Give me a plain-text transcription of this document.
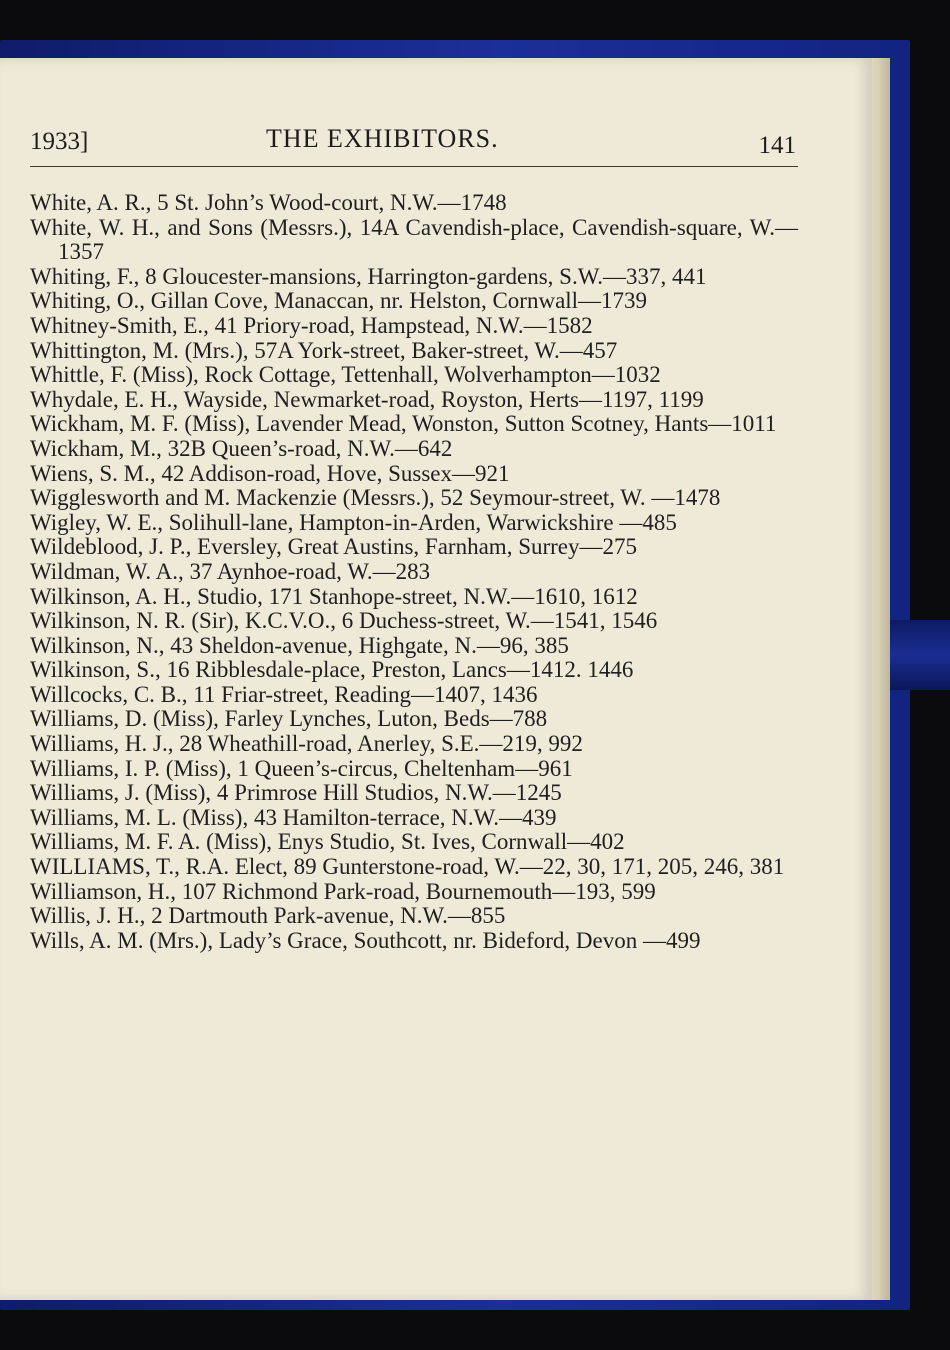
1933]	THE EXHIBITORS.	141
White, A. R., 5 St. John’s Wood-court, N.W.—1748
White, W. H., and Sons (Messrs.), 14A Cavendish-place, Cavendish-square, W.—1357
Whiting, F., 8 Gloucester-mansions, Harrington-gardens, S.W.—337, 441
Whiting, O., Gillan Cove, Manaccan, nr. Helston, Cornwall—1739
Whitney-Smith, E., 41 Priory-road, Hampstead, N.W.—1582
Whittington, M. (Mrs.), 57A York-street, Baker-street, W.—457
Whittle, F. (Miss), Rock Cottage, Tettenhall, Wolverhampton—1032
Whydale, E. H., Wayside, Newmarket-road, Royston, Herts—1197, 1199
Wickham, M. F. (Miss), Lavender Mead, Wonston, Sutton Scotney, Hants—1011
Wickham, M., 32B Queen’s-road, N.W.—642
Wiens, S. M., 42 Addison-road, Hove, Sussex—921
Wigglesworth and M. Mackenzie (Messrs.), 52 Seymour-street, W. —1478
Wigley, W. E., Solihull-lane, Hampton-in-Arden, Warwickshire —485
Wildeblood, J. P., Eversley, Great Austins, Farnham, Surrey—275
Wildman, W. A., 37 Aynhoe-road, W.—283
Wilkinson, A. H., Studio, 171 Stanhope-street, N.W.—1610, 1612
Wilkinson, N. R. (Sir), K.C.V.O., 6 Duchess-street, W.—1541, 1546
Wilkinson, N., 43 Sheldon-avenue, Highgate, N.—96, 385
Wilkinson, S., 16 Ribblesdale-place, Preston, Lancs—1412. 1446
Willcocks, C. B., 11 Friar-street, Reading—1407, 1436
Williams, D. (Miss), Farley Lynches, Luton, Beds—788
Williams, H. J., 28 Wheathill-road, Anerley, S.E.—219, 992
Williams, I. P. (Miss), 1 Queen’s-circus, Cheltenham—961
Williams, J. (Miss), 4 Primrose Hill Studios, N.W.—1245
Williams, M. L. (Miss), 43 Hamilton-terrace, N.W.—439
Williams, M. F. A. (Miss), Enys Studio, St. Ives, Cornwall—402
WILLIAMS, T., R.A. Elect, 89 Gunterstone-road, W.—22, 30, 171, 205, 246, 381
Williamson, H., 107 Richmond Park-road, Bournemouth—193, 599
Willis, J. H., 2 Dartmouth Park-avenue, N.W.—855
Wills, A. M. (Mrs.), Lady’s Grace, Southcott, nr. Bideford, Devon —499
